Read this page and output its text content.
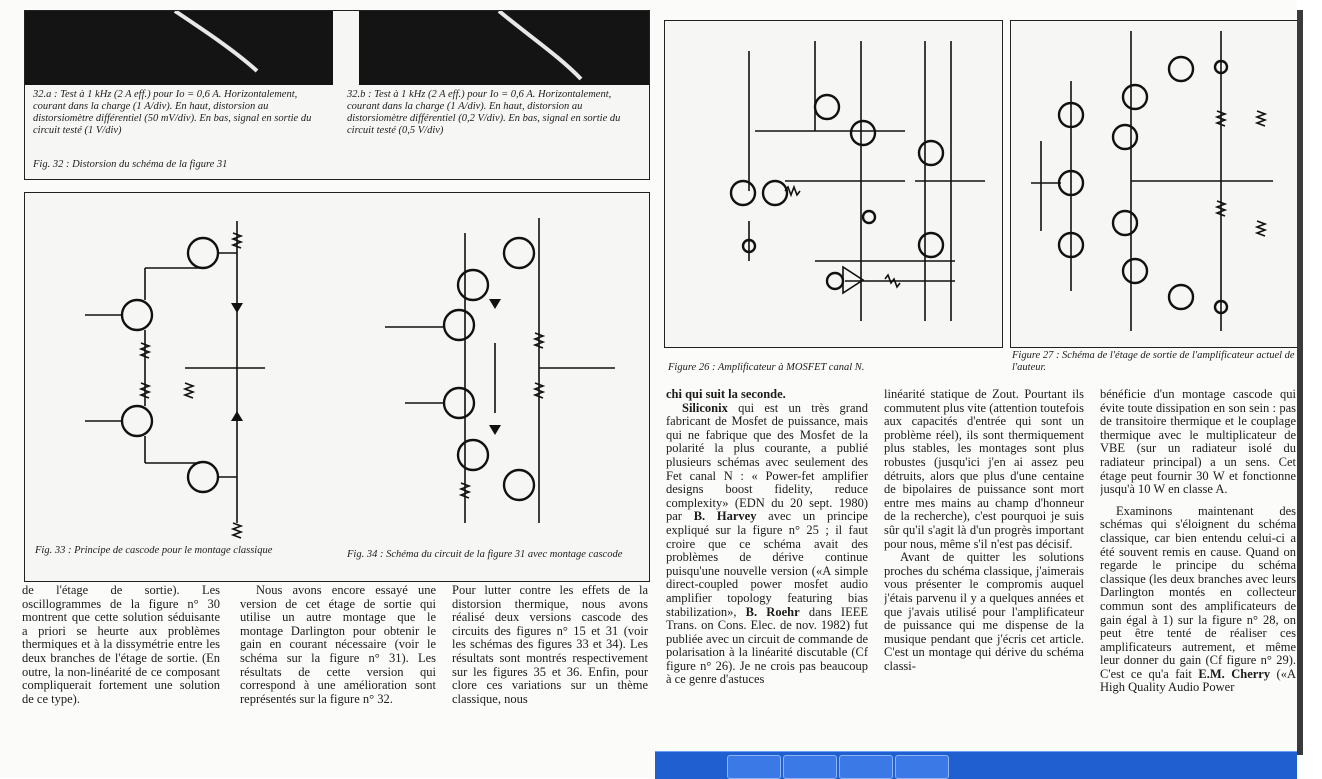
32.a : Test à 1 kHz (2 A eff.) pour Io = 0,6 A. Horizontalement, courant dans la charge (1 A/div). En haut, distorsion au distorsiomètre différentiel (50 mV/div). En bas, signal en sortie du circuit testé (1 V/div)
32.b : Test à 1 kHz (2 A eff.) pour Io = 0,6 A. Horizontalement, courant dans la charge (1 A/div). En haut, distorsion au distorsiomètre différentiel (0,2 V/div). En bas, signal en sortie du circuit testé (0,5 V/div)
Fig. 32 : Distorsion du schéma de la figure 31
Fig. 33 : Principe de cascode pour le montage classique	Fig. 34 : Schéma du circuit de la figure 31 avec montage cascode
Figure 26 : Amplificateur à MOSFET canal N.
Figure 27 : Schéma de l'étage de sortie de l'amplificateur actuel de l'auteur.

de l'étage de sortie). Les oscillogrammes de la figure n° 30 montrent que cette solution séduisante a priori se heurte aux problèmes thermiques et à la dissymétrie entre les deux branches de l'étage de sortie. (En outre, la non-linéarité de ce composant compliquerait fortement une solution de ce type).

Nous avons encore essayé une version de cet étage de sortie qui utilise un autre montage que le montage Darlington pour obtenir le gain en courant nécessaire (voir le schéma sur la figure n° 31). Les résultats de cette version qui correspond à une amélioration sont représentés sur la figure n° 32.

Pour lutter contre les effets de la distorsion thermique, nous avons réalisé deux versions cascode des circuits des figures n° 15 et 31 (voir les schémas des figures 33 et 34). Les résultats sont montrés respectivement sur les figures 35 et 36. Enfin, pour clore ces variations sur un thème classique, nous

chi qui suit la seconde.

Siliconix qui est un très grand fabricant de Mosfet de puissance, mais qui ne fabrique que des Mosfet de la polarité la plus courante, a publié plusieurs schémas avec seulement des Fet canal N : « Power-fet amplifier designs boost fidelity, reduce complexity» (EDN du 20 sept. 1980) par B. Harvey avec un principe expliqué sur la figure n° 25 ; il faut croire que ce schéma avait des problèmes de dérive continue puisqu'une nouvelle version («A simple direct-coupled power mosfet audio amplifier topology featuring bias stabilization», B. Roehr dans IEEE Trans. on Cons. Elec. de nov. 1982) fut publiée avec un circuit de commande de polarisation à la linéarité discutable (Cf figure n° 26). Je ne crois pas beaucoup à ce genre d'astuces

linéarité statique de Zout. Pourtant ils commutent plus vite (attention toutefois aux capacités d'entrée qui sont un problème réel), ils sont thermiquement plus stables, les montages sont plus robustes (jusqu'ici j'en ai assez peu détruits, alors que plus d'une centaine de bipolaires de puissance sont mort entre mes mains au champ d'honneur de la recherche), c'est pourquoi je suis sûr qu'il s'agit là d'un progrès important pour nous, même s'il n'est pas décisif.

Avant de quitter les solutions proches du schéma classique, j'aimerais vous présenter le compromis auquel j'étais parvenu il y a quelques années et que j'avais utilisé pour l'amplificateur de puissance qui me dispense de la musique pendant que j'écris cet article. C'est un montage qui dérive du schéma classi-

bénéficie d'un montage cascode qui évite toute dissipation en son sein : pas de transitoire thermique et le couplage thermique avec le multiplicateur de VBE (sur un radiateur isolé du radiateur principal) a un sens. Cet étage peut fournir 30 W et fonctionne jusqu'à 10 W en classe A.

Examinons maintenant des schémas qui s'éloignent du schéma classique, car bien entendu celui-ci a été souvent remis en cause. Quand on regarde le principe du schéma classique (les deux branches avec leurs Darlington montés en collecteur commun sont des amplificateurs de gain égal à 1) sur la figure n° 28, on peut être tenté de réaliser ces amplificateurs autrement, et même leur donner du gain (Cf figure n° 29). C'est ce qu'a fait E.M. Cherry («A High Quality Audio Power
